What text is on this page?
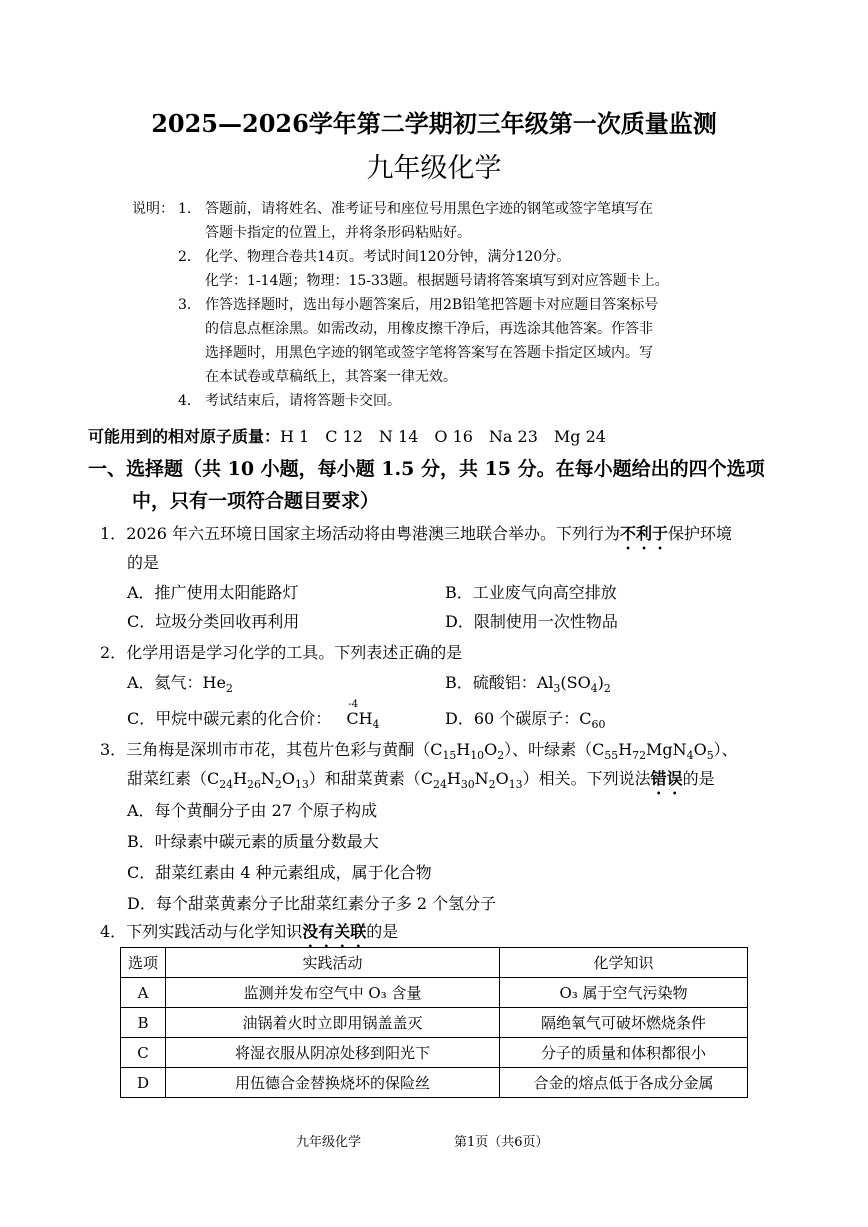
2025—2026学年第二学期初三年级第一次质量监测
九年级化学
说明： 1． 答题前，请将姓名、准考证号和座位号用黑色字迹的钢笔或签字笔填写在
答题卡指定的位置上，并将条形码粘贴好。
2． 化学、物理合卷共14页。考试时间120分钟，满分120分。
化学：1-14题；物理：15-33题。根据题号请将答案填写到对应答题卡上。
3． 作答选择题时，选出每小题答案后，用2B铅笔把答题卡对应题目答案标号
的信息点框涂黑。如需改动，用橡皮擦干净后，再选涂其他答案。作答非
选择题时，用黑色字迹的钢笔或签字笔将答案写在答题卡指定区域内。写
在本试卷或草稿纸上，其答案一律无效。
4． 考试结束后，请将答题卡交回。
可能用到的相对原子质量：H 1　C 12　N 14　O 16　Na 23　Mg 24
一、选择题（共 10 小题，每小题 1.5 分，共 15 分。在每小题给出的四个选项
中，只有一项符合题目要求）
1．2026 年六五环境日国家主场活动将由粤港澳三地联合举办。下列行为不利于保护环境
的是
A．推广使用太阳能路灯	B．工业废气向高空排放
C．垃圾分类回收再利用	D．限制使用一次性物品
2．化学用语是学习化学的工具。下列表述正确的是
A．氦气：$He_2$	B．硫酸铝：$Al_3(SO_4)_2$
C．甲烷中碳元素的化合价：
-4
$CH_4$	D．60 个碳原子：$C_{60}$
3．三角梅是深圳市市花，其苞片色彩与黄酮$(C_{15}H_{10}O_2)$、叶绿素$(C_{55}H_{72}MgN_4O_5)$、
甜菜红素$(C_{24}H_{26}N_2O_{13})$和甜菜黄素$(C_{24}H_{30}N_2O_{13})$相关。下列说法错误的是
A．每个黄酮分子由 27 个原子构成
B．叶绿素中碳元素的质量分数最大
C．甜菜红素由 4 种元素组成，属于化合物
D．每个甜菜黄素分子比甜菜红素分子多 2 个氢分子
4．下列实践活动与化学知识没有关联的是
选项	实践活动	化学知识
A	监测并发布空气中 O₃ 含量	O₃ 属于空气污染物
B	油锅着火时立即用锅盖盖灭	隔绝氧气可破坏燃烧条件
C	将湿衣服从阴凉处移到阳光下	分子的质量和体积都很小
D	用伍德合金替换烧坏的保险丝	合金的熔点低于各成分金属
九年级化学	第1页（共6页）
